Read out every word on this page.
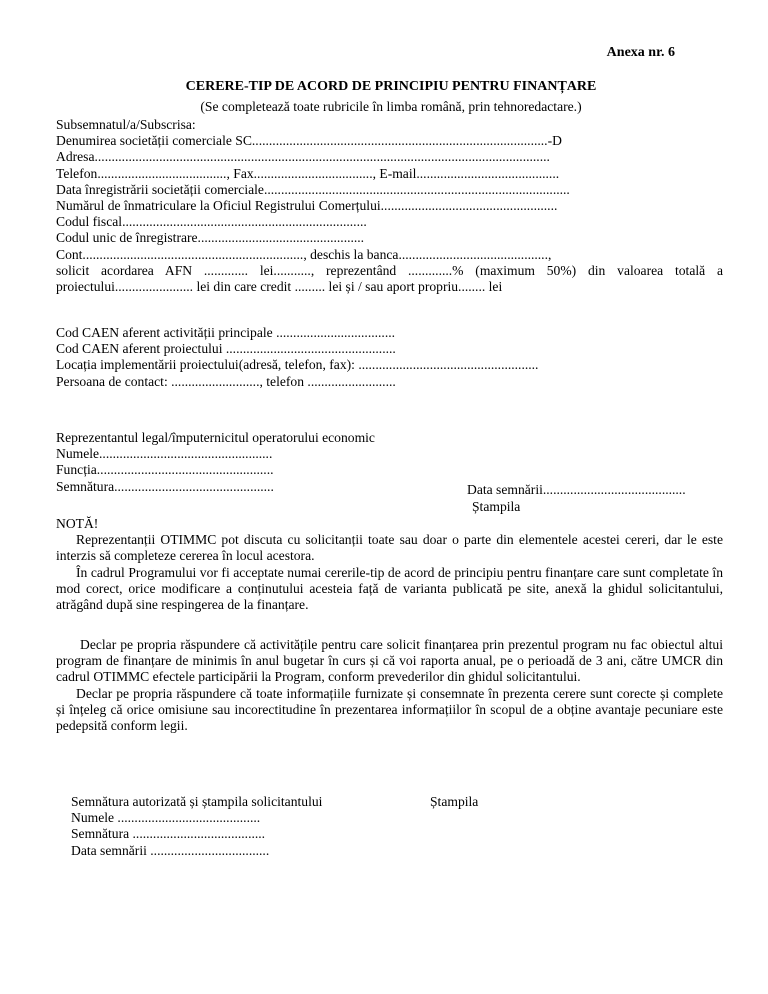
Anexa nr. 6
CERERE-TIP DE ACORD DE PRINCIPIU PENTRU FINANȚARE
(Se completează toate rubricile în limba română, prin tehnoredactare.)
Subsemnatul/a/Subscrisa:
Denumirea societății comerciale SC.......................................................................................-D
Adresa......................................................................................................................................
Telefon......................................, Fax..................................., E-mail..........................................
Data înregistrării societății comerciale..........................................................................................
Numărul de înmatriculare la Oficiul Registrului Comerțului....................................................
Codul fiscal........................................................................
Codul unic de înregistrare.................................................
Cont................................................................., deschis la banca............................................,
solicit acordarea AFN ............. lei..........., reprezentând .............% (maximum 50%) din valoarea totală a
proiectului....................... lei din care credit ......... lei și / sau aport propriu........ lei
Cod CAEN aferent activității principale ...................................
Cod CAEN aferent proiectului ..................................................
Locația implementării proiectului(adresă, telefon, fax): .....................................................
Persoana de contact: .........................., telefon ..........................
Reprezentantul legal/împuternicitul operatorului economic
Numele...................................................
Funcția....................................................
Semnătura...............................................	Data semnării..........................................
Ștampila
NOTĂ!
Reprezentanții OTIMMC pot discuta cu solicitanții toate sau doar o parte din elementele acestei cereri, dar le este interzis să completeze cererea în locul acestora.
În cadrul Programului vor fi acceptate numai cererile-tip de acord de principiu pentru finanțare care sunt completate în mod corect, orice modificare a conținutului acesteia față de varianta publicată pe site, anexă la ghidul solicitantului, atrăgând după sine respingerea de la finanțare.
Declar pe propria răspundere că activitățile pentru care solicit finanțarea prin prezentul program nu fac obiectul altui program de finanțare de minimis în anul bugetar în curs și că voi raporta anual, pe o perioadă de 3 ani, către UMCR din cadrul OTIMMC efectele participării la Program, conform prevederilor din ghidul solicitantului.
Declar pe propria răspundere că toate informațiile furnizate și consemnate în prezenta cerere sunt corecte și complete și înțeleg că orice omisiune sau incorectitudine în prezentarea informațiilor în scopul de a obține avantaje pecuniare este pedepsită conform legii.
Semnătura autorizată și ștampila solicitantului
Numele ..........................................
Semnătura .......................................
Data semnării ...................................
Ștampila
